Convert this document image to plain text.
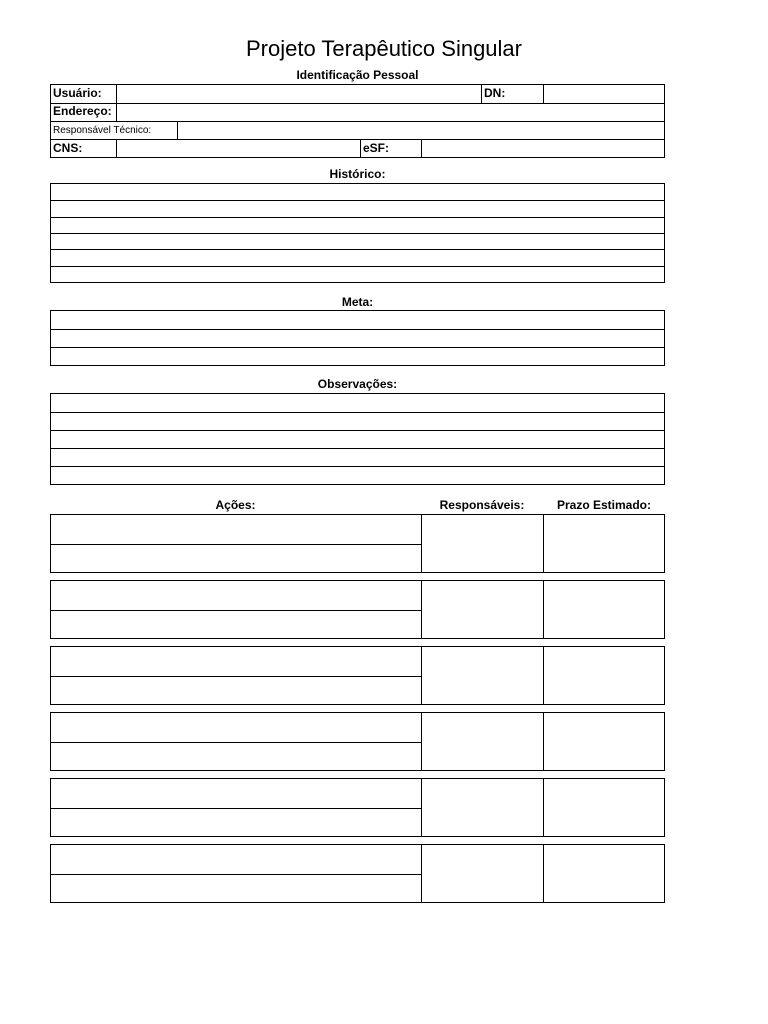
Projeto Terapêutico Singular
Identificação Pessoal
Usuário:	DN:
Endereço:
Responsável Técnico:
CNS:	eSF:
Histórico:
Meta:
Observações:
Ações:	Responsáveis:	Prazo Estimado:
